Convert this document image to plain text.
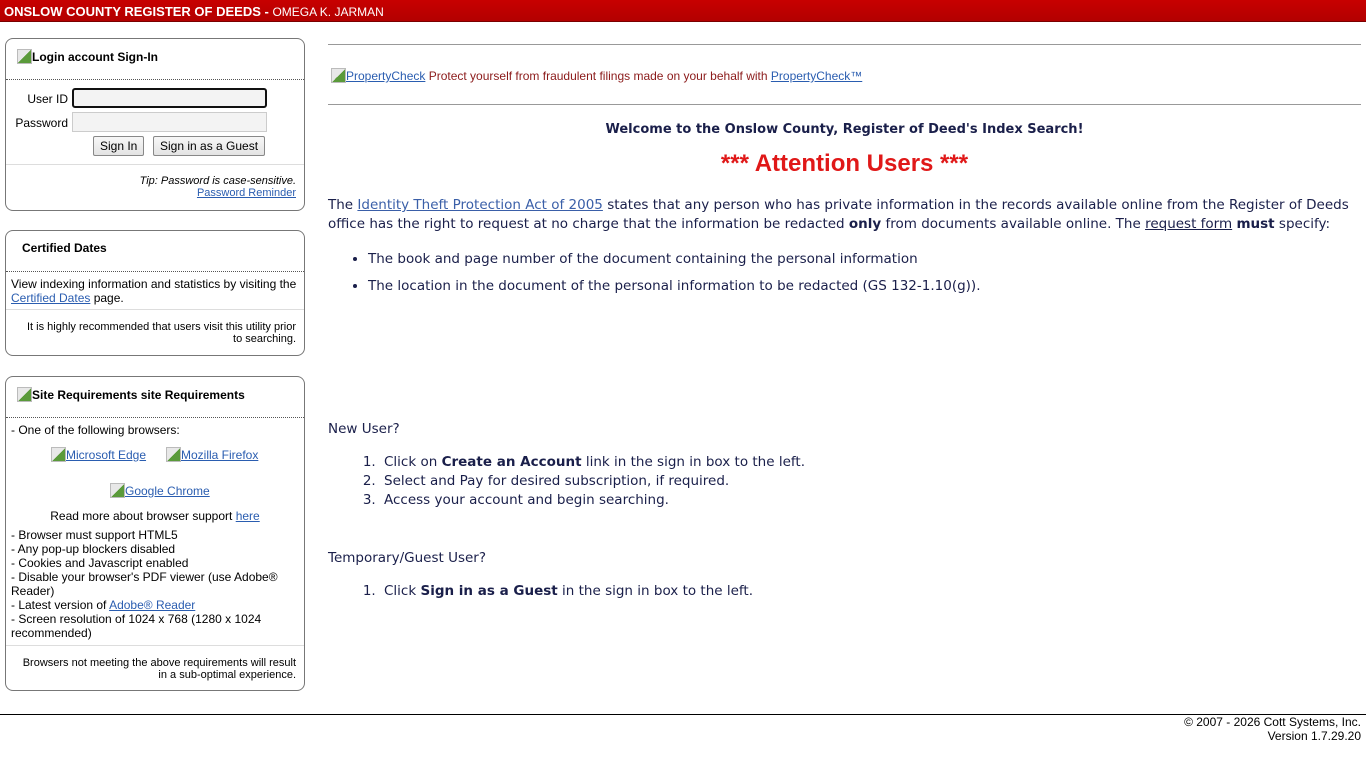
ONSLOW COUNTY REGISTER OF DEEDS - OMEGA K. JARMAN
Login account Sign-In
User ID
Password
Sign In	Sign in as a Guest
Tip: Password is case-sensitive.
Password Reminder
Certified Dates
View indexing information and statistics by visiting the Certified Dates page.
It is highly recommended that users visit this utility prior to searching.
Site Requirements site Requirements
- One of the following browsers:
Microsoft Edge	Mozilla Firefox
Google Chrome
Read more about browser support here
- Browser must support HTML5
- Any pop-up blockers disabled
- Cookies and Javascript enabled
- Disable your browser's PDF viewer (use Adobe® Reader)
- Latest version of Adobe® Reader
- Screen resolution of 1024 x 768 (1280 x 1024 recommended)
Browsers not meeting the above requirements will result in a sub-optimal experience.
PropertyCheck Protect yourself from fraudulent filings made on your behalf with PropertyCheck™
Welcome to the Onslow County, Register of Deed's Index Search!
*** Attention Users ***
The Identity Theft Protection Act of 2005 states that any person who has private information in the records available online from the Register of Deeds office has the right to request at no charge that the information be redacted only from documents available online. The request form must specify:
• The book and page number of the document containing the personal information
• The location in the document of the personal information to be redacted (GS 132-1.10(g)).
New User?
1. Click on Create an Account link in the sign in box to the left.
2. Select and Pay for desired subscription, if required.
3. Access your account and begin searching.
Temporary/Guest User?
1. Click Sign in as a Guest in the sign in box to the left.
© 2007 - 2026 Cott Systems, Inc.
Version 1.7.29.20
